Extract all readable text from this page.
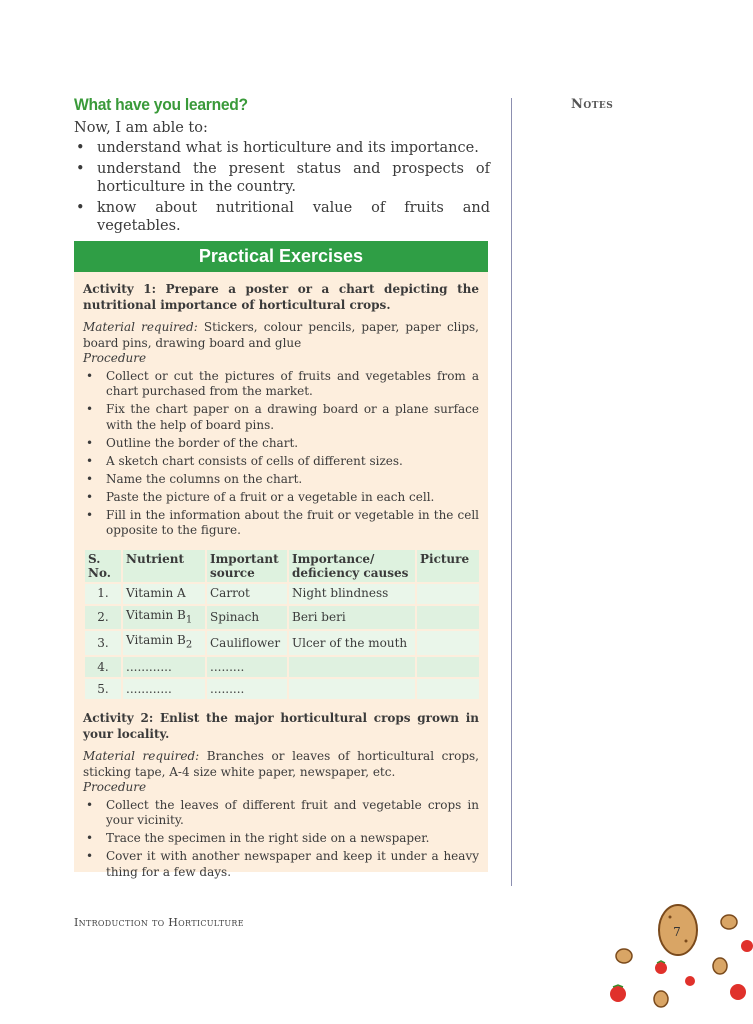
What have you learned?	Notes
Now, I am able to:
• understand what is horticulture and its importance.
• understand the present status and prospects of horticulture in the country.
• know about nutritional value of fruits and vegetables.
Practical Exercises
Activity 1: Prepare a poster or a chart depicting the nutritional importance of horticultural crops.
Material required: Stickers, colour pencils, paper, paper clips, board pins, drawing board and glue
Procedure
• Collect or cut the pictures of fruits and vegetables from a chart purchased from the market.
• Fix the chart paper on a drawing board or a plane surface with the help of board pins.
• Outline the border of the chart.
• A sketch chart consists of cells of different sizes.
• Name the columns on the chart.
• Paste the picture of a fruit or a vegetable in each cell.
• Fill in the information about the fruit or vegetable in the cell opposite to the figure.
S. No.	Nutrient	Important source	Importance/ deficiency causes	Picture
1.	Vitamin A	Carrot	Night blindness	
2.	Vitamin $B_1$	Spinach	Beri beri	
3.	Vitamin $B_2$	Cauliflower	Ulcer of the mouth	
4.	............	.........		
5.	............	.........		
Activity 2: Enlist the major horticultural crops grown in your locality.
Material required: Branches or leaves of horticultural crops, sticking tape, A-4 size white paper, newspaper, etc.
Procedure
• Collect the leaves of different fruit and vegetable crops in your vicinity.
• Trace the specimen in the right side on a newspaper.
• Cover it with another newspaper and keep it under a heavy thing for a few days.
Introduction to Horticulture
7
